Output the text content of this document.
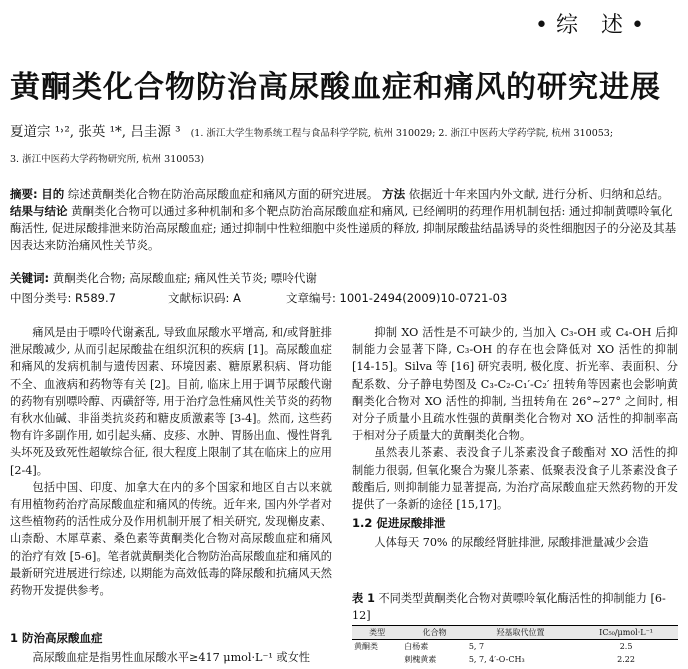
•综 述•
黄酮类化合物防治高尿酸血症和痛风的研究进展
夏道宗 ¹˒², 张英 ¹*, 吕圭源 ³ (1. 浙江大学生物系统工程与食品科学学院, 杭州 310029; 2. 浙江中医药大学药学院, 杭州 310053;
3. 浙江中医药大学药物研究所, 杭州 310053)
摘要: 目的 综述黄酮类化合物在防治高尿酸血症和痛风方面的研究进展。 方法 依据近十年来国内外文献, 进行分析、归纳和总结。 结果与结论 黄酮类化合物可以通过多种机制和多个靶点防治高尿酸血症和痛风, 已经阐明的药理作用机制包括: 通过抑制黄嘌呤氧化酶活性, 促进尿酸排泄来防治高尿酸血症; 通过抑制中性粒细胞中炎性递质的释放, 抑制尿酸盐结晶诱导的炎性细胞因子的分泌及其基因表达来防治痛风性关节炎。
关键词: 黄酮类化合物; 高尿酸血症; 痛风性关节炎; 嘌呤代谢
中图分类号: R589.7	文献标识码: A	文章编号: 1001-2494(2009)10-0721-03

痛风是由于嘌呤代谢紊乱, 导致血尿酸水平增高, 和/或肾脏排泄尿酸减少, 从而引起尿酸盐在组织沉积的疾病 [1]。高尿酸血症和痛风的发病机制与遗传因素、环境因素、糖原累积病、肾功能不全、血液病和药物等有关 [2]。目前, 临床上用于调节尿酸代谢的药物有别嘌呤醇、丙磺舒等, 用于治疗急性痛风性关节炎的药物有秋水仙碱、非甾类抗炎药和糖皮质激素等 [3-4]。然而, 这些药物有许多副作用, 如引起头痛、皮疹、水肿、胃肠出血、慢性肾乳头坏死及致死性超敏综合征, 很大程度上限制了其在临床上的应用 [2-4]。

包括中国、印度、加拿大在内的多个国家和地区自古以来就有用植物药治疗高尿酸血症和痛风的传统。近年来, 国内外学者对这些植物药的活性成分及作用机制开展了相关研究, 发现槲皮素、山柰酚、木犀草素、桑色素等黄酮类化合物对高尿酸血症和痛风的治疗有效 [5-6]。笔者就黄酮类化合物防治高尿酸血症和痛风的最新研究进展进行综述, 以期能为高效低毒的降尿酸和抗痛风天然药物开发提供参考。

1 防治高尿酸血症
高尿酸血症是指男性血尿酸水平≥417 μmol·L⁻¹ 或女性

抑制 XO 活性是不可缺少的, 当加入 C₃-OH 或 C₄-OH 后抑制能力会显著下降, C₃-OH 的存在也会降低对 XO 活性的抑制 [14-15]。Silva 等 [16] 研究表明, 极化度、折光率、表面积、分配系数、分子静电势图及 C₃-C₂-C₁′-C₂′ 扭转角等因素也会影响黄酮类化合物对 XO 活性的抑制, 当扭转角在 26°~27° 之间时, 相对分子质量小且疏水性强的黄酮类化合物对 XO 活性的抑制率高于相对分子质量大的黄酮类化合物。

虽然表儿茶素、表没食子儿茶素没食子酸酯对 XO 活性的抑制能力很弱, 但氧化聚合为聚儿茶素、低聚表没食子儿茶素没食子酸酯后, 则抑制能力显著提高, 为治疗高尿酸血症天然药物的开发提供了一条新的途径 [15,17]。

1.2 促进尿酸排泄

人体每天 70% 的尿酸经肾脏排泄, 尿酸排泄量减少会造

表 1 不同类型黄酮类化合物对黄嘌呤氧化酶活性的抑制能力 [6-12]
类型	化合物	羟基取代位置	IC₅₀/μmol·L⁻¹
黄酮类	白杨素	5, 7	2.5
	刺槐黄素	5, 7, 4′-O-CH₃	2.22
